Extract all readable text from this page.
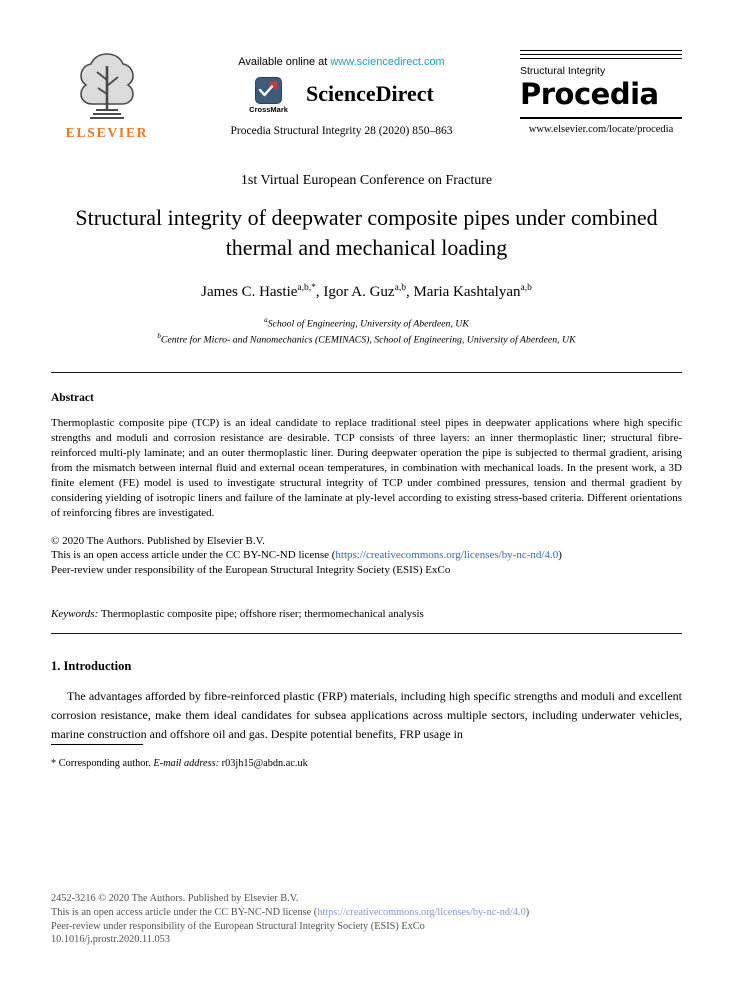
ELSEVIER
Available online at www.sciencedirect.com
CrossMark
ScienceDirect
Procedia Structural Integrity 28 (2020) 850–863
Structural Integrity
Procedia
www.elsevier.com/locate/procedia
1st Virtual European Conference on Fracture
Structural integrity of deepwater composite pipes under combined thermal and mechanical loading
James C. Hastie$^{a,b,*}$, Igor A. Guz$^{a,b}$, Maria Kashtalyan$^{a,b}$
$^a$School of Engineering, University of Aberdeen, UK
$^b$Centre for Micro- and Nanomechanics (CEMINACS), School of Engineering, University of Aberdeen, UK
Abstract

Thermoplastic composite pipe (TCP) is an ideal candidate to replace traditional steel pipes in deepwater applications where high specific strengths and moduli and corrosion resistance are desirable. TCP consists of three layers: an inner thermoplastic liner; structural fibre-reinforced multi-ply laminate; and an outer thermoplastic liner. During deepwater operation the pipe is subjected to thermal gradient, arising from the mismatch between internal fluid and external ocean temperatures, in combination with mechanical loads. In the present work, a 3D finite element (FE) model is used to investigate structural integrity of TCP under combined pressures, tension and thermal gradient by considering yielding of isotropic liners and failure of the laminate at ply-level according to existing stress-based criteria. Different orientations of reinforcing fibres are investigated.

© 2020 The Authors. Published by Elsevier B.V.
This is an open access article under the CC BY-NC-ND license (https://creativecommons.org/licenses/by-nc-nd/4.0)
Peer-review under responsibility of the European Structural Integrity Society (ESIS) ExCo
Keywords: Thermoplastic composite pipe; offshore riser; thermomechanical analysis
1. Introduction

The advantages afforded by fibre-reinforced plastic (FRP) materials, including high specific strengths and moduli and excellent corrosion resistance, make them ideal candidates for subsea applications across multiple sectors, including underwater vehicles, marine construction and offshore oil and gas. Despite potential benefits, FRP usage in

* Corresponding author. E-mail address: r03jh15@abdn.ac.uk
2452-3216 © 2020 The Authors. Published by Elsevier B.V.
This is an open access article under the CC BY-NC-ND license (https://creativecommons.org/licenses/by-nc-nd/4.0)
Peer-review under responsibility of the European Structural Integrity Society (ESIS) ExCo
10.1016/j.prostr.2020.11.053
